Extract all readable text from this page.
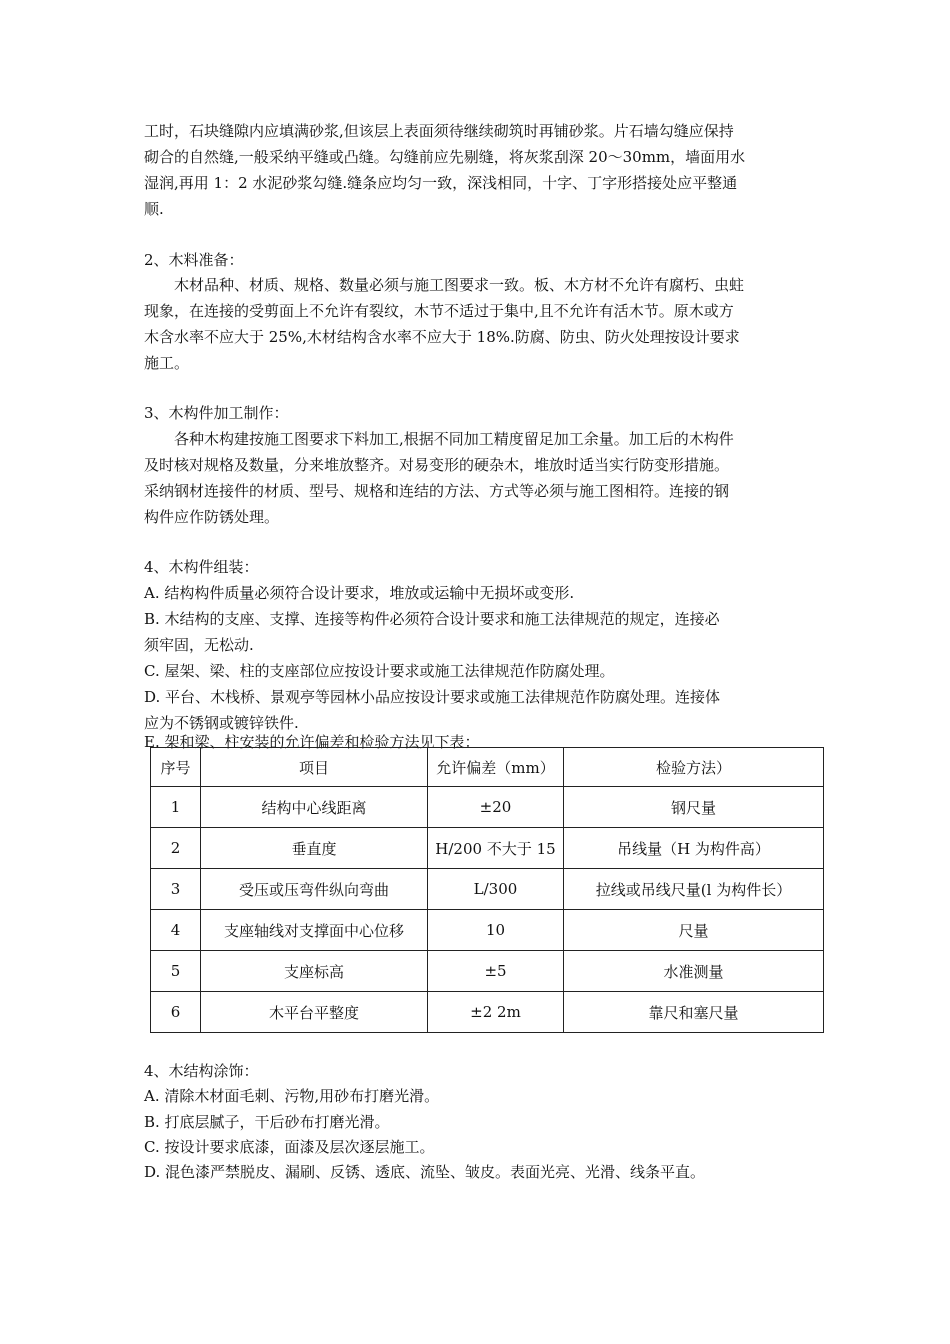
工时，石块缝隙内应填满砂浆,但该层上表面须待继续砌筑时再铺砂浆。片石墙勾缝应保持
砌合的自然缝,一般采纳平缝或凸缝。勾缝前应先剔缝，将灰浆刮深 20～30mm，墙面用水
湿润,再用 1：2 水泥砂浆勾缝.缝条应均匀一致，深浅相同，十字、丁字形搭接处应平整通
顺.
2、木料准备：
木材品种、材质、规格、数量必须与施工图要求一致。板、木方材不允许有腐朽、虫蛀
现象，在连接的受剪面上不允许有裂纹，木节不适过于集中,且不允许有活木节。原木或方
木含水率不应大于 25%,木材结构含水率不应大于 18%.防腐、防虫、防火处理按设计要求
施工。
3、木构件加工制作：
各种木构建按施工图要求下料加工,根据不同加工精度留足加工余量。加工后的木构件
及时核对规格及数量，分来堆放整齐。对易变形的硬杂木，堆放时适当实行防变形措施。
采纳钢材连接件的材质、型号、规格和连结的方法、方式等必须与施工图相符。连接的钢
构件应作防锈处理。
4、木构件组装：
A. 结构构件质量必须符合设计要求，堆放或运输中无损坏或变形.
B. 木结构的支座、支撑、连接等构件必须符合设计要求和施工法律规范的规定，连接必
须牢固，无松动.
C. 屋架、梁、柱的支座部位应按设计要求或施工法律规范作防腐处理。
D. 平台、木栈桥、景观亭等园林小品应按设计要求或施工法律规范作防腐处理。连接体
应为不锈钢或镀锌铁件.
E. 架和梁、柱安装的允许偏差和检验方法见下表：
序号	项目	允许偏差（mm）	检验方法）
1	结构中心线距离	±20	钢尺量
2	垂直度	H/200 不大于 15	吊线量（H 为构件高）
3	受压或压弯件纵向弯曲	L/300	拉线或吊线尺量(l 为构件长）
4	支座轴线对支撑面中心位移	10	尺量
5	支座标高	±5	水准测量
6	木平台平整度	±2 2m	靠尺和塞尺量
4、木结构涂饰：
A. 清除木材面毛刺、污物,用砂布打磨光滑。
B. 打底层腻子，干后砂布打磨光滑。
C. 按设计要求底漆，面漆及层次逐层施工。
D. 混色漆严禁脱皮、漏刷、反锈、透底、流坠、皱皮。表面光亮、光滑、线条平直。
